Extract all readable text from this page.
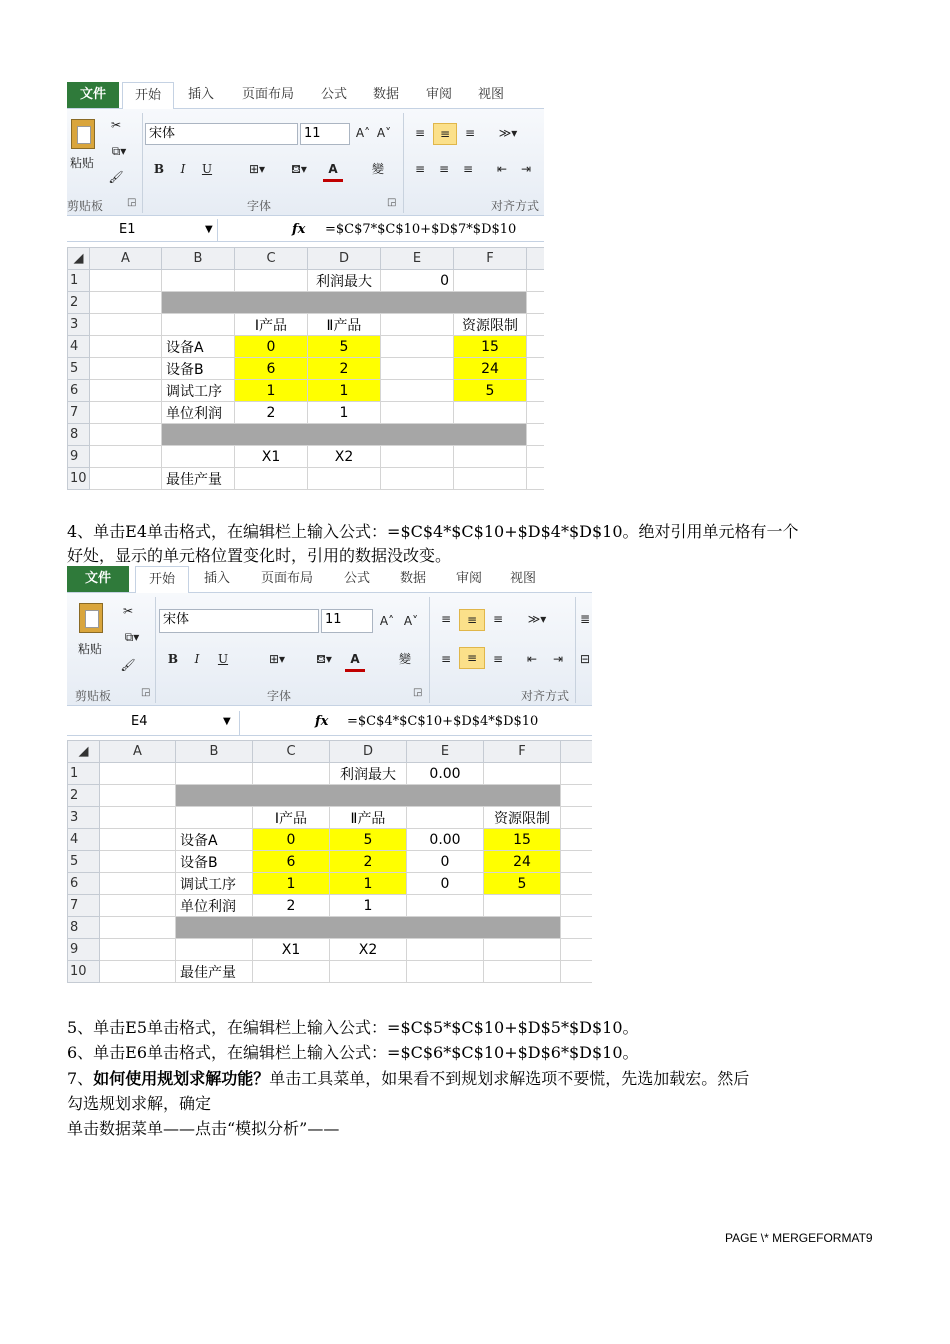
文件	开始	插入	页面布局	公式	数据	审阅	视图
粘贴
✂
⧉▾
🖌
宋体	11	A˄ A˅
B	I	U	⊞▾	⛾▾	A	變
≡	≡	≡	≫▾
≡	≡	≡	⇤	⇥
剪贴板 ◲	字体	◲	对齐方式
E1	▼	fx =$C$7*$C$10+$D$7*$D$10
◢	A	B	C	D	E	F	
1				利润最大	0		
2							
3			Ⅰ产品	Ⅱ产品		资源限制	
4		设备A	0	5		15	
5		设备B	6	2		24	
6		调试工序	1	1		5	
7		单位利润	2	1			
8							
9			X1	X2			
10		最佳产量					
4、单击E4单击格式，在编辑栏上输入公式：=$C$4*$C$10+$D$4*$D$10。绝对引用单元格有一个
好处，显示的单元格位置变化时，引用的数据没改变。
文件	开始	插入	页面布局	公式	数据	审阅	视图
粘贴
✂
⧉▾
🖌
宋体	11	A˄ A˅
B	I	U	⊞▾	⛾▾	A	變
≡	≡	≡	≫▾
≡	≡	≡	⇤	⇥
≣
⊟
剪贴板	◲	字体	◲	对齐方式
E4	▼	fx =$C$4*$C$10+$D$4*$D$10
◢	A	B	C	D	E	F	
1				利润最大	0.00		
2							
3			Ⅰ产品	Ⅱ产品		资源限制	
4		设备A	0	5	0.00	15	
5		设备B	6	2	0	24	
6		调试工序	1	1	0	5	
7		单位利润	2	1			
8							
9			X1	X2			
10		最佳产量					
5、单击E5单击格式，在编辑栏上输入公式：=$C$5*$C$10+$D$5*$D$10。
6、单击E6单击格式，在编辑栏上输入公式：=$C$6*$C$10+$D$6*$D$10。
7、如何使用规划求解功能？单击工具菜单，如果看不到规划求解选项不要慌，先选加载宏。然后
勾选规划求解，确定
单击数据菜单——点击“模拟分析”——
PAGE \* MERGEFORMAT9
